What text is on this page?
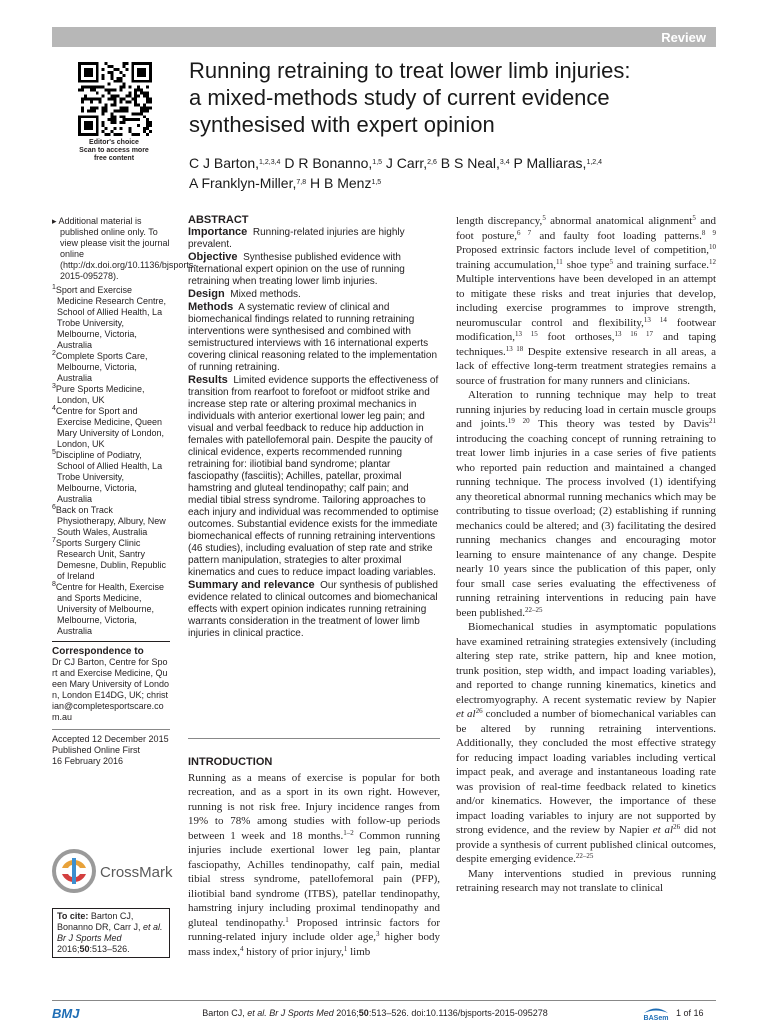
Review
Editor's choice
Scan to access more
free content
Running retraining to treat lower limb injuries:
a mixed-methods study of current evidence
synthesised with expert opinion
C J Barton,$^{1,2,3,4}$ D R Bonanno,$^{1,5}$ J Carr,$^{2,6}$ B S Neal,$^{3,4}$ P Malliaras,$^{1,2,4}$
A Franklyn-Miller,$^{7,8}$ H B Menz$^{1,5}$

▸ Additional material is published online only. To view please visit the journal online (http://dx.doi.org/10.1136/bjsports-2015-095278).

$^1$Sport and Exercise Medicine Research Centre, School of Allied Health, La Trobe University, Melbourne, Victoria, Australia

$^2$Complete Sports Care, Melbourne, Victoria, Australia

$^3$Pure Sports Medicine, London, UK

$^4$Centre for Sport and Exercise Medicine, Queen Mary University of London, London, UK

$^5$Discipline of Podiatry, School of Allied Health, La Trobe University, Melbourne, Victoria, Australia

$^6$Back on Track Physiotherapy, Albury, New South Wales, Australia

$^7$Sports Surgery Clinic Research Unit, Santry Demesne, Dublin, Republic of Ireland

$^8$Centre for Health, Exercise and Sports Medicine, University of Melbourne, Melbourne, Victoria, Australia

Correspondence to

Dr CJ Barton, Centre for Sport and Exercise Medicine, Queen Mary University of London, London E14DG, UK; christian@completesportscare.com.au

Accepted 12 December 2015

Published Online First

16 February 2016

CrossMark
To cite: Barton CJ, Bonanno DR, Carr J, et al. Br J Sports Med 2016;50:513–526.
ABSTRACT

Importance Running-related injuries are highly prevalent.

Objective Synthesise published evidence with international expert opinion on the use of running retraining when treating lower limb injuries.

Design Mixed methods.

Methods A systematic review of clinical and biomechanical findings related to running retraining interventions were synthesised and combined with semistructured interviews with 16 international experts covering clinical reasoning related to the implementation of running retraining.

Results Limited evidence supports the effectiveness of transition from rearfoot to forefoot or midfoot strike and increase step rate or altering proximal mechanics in individuals with anterior exertional lower leg pain; and visual and verbal feedback to reduce hip adduction in females with patellofemoral pain. Despite the paucity of clinical evidence, experts recommended running retraining for: iliotibial band syndrome; plantar fasciopathy (fasciitis); Achilles, patellar, proximal hamstring and gluteal tendinopathy; calf pain; and medial tibial stress syndrome. Tailoring approaches to each injury and individual was recommended to optimise outcomes. Substantial evidence exists for the immediate biomechanical effects of running retraining interventions (46 studies), including evaluation of step rate and strike pattern manipulation, strategies to alter proximal kinematics and cues to reduce impact loading variables.

Summary and relevance Our synthesis of published evidence related to clinical outcomes and biomechanical effects with expert opinion indicates running retraining warrants consideration in the treatment of lower limb injuries in clinical practice.

INTRODUCTION

Running as a means of exercise is popular for both recreation, and as a sport in its own right. However, running is not risk free. Injury incidence ranges from 19% to 78% among studies with follow-up periods between 1 week and 18 months.$^{1-2}$ Common running injuries include exertional lower leg pain, plantar fasciopathy, Achilles tendinopathy, calf pain, medial tibial stress syndrome, patellofemoral pain (PFP), iliotibial band syndrome (ITBS), patellar tendinopathy, hamstring injury including proximal tendinopathy and gluteal tendinopathy.$^1$ Proposed intrinsic factors for running-related injury include older age,$^3$ higher body mass index,$^4$ history of prior injury,$^1$ limb

length discrepancy,$^5$ abnormal anatomical alignment$^5$ and foot posture,$^{6 7}$ and faulty foot loading patterns.$^{8 9}$ Proposed extrinsic factors include level of competition,$^{10}$ training accumulation,$^{11}$ shoe type$^5$ and training surface.$^{12}$ Multiple interventions have been developed in an attempt to mitigate these risks and treat injuries that develop, including exercise programmes to improve strength, neuromuscular control and flexibility,$^{13 14}$ footwear modification,$^{13 15}$ foot orthoses,$^{13 16 17}$ and taping techniques.$^{13 18}$ Despite extensive research in all areas, a lack of effective long-term treatment strategies remains a source of frustration for many runners and clinicians.

Alteration to running technique may help to treat running injuries by reducing load in certain muscle groups and joints.$^{19 20}$ This theory was tested by Davis$^{21}$ introducing the coaching concept of running retraining to treat lower limb injuries in a case series of five patients who reported pain reduction and maintained a changed running technique. The process involved (1) identifying any theoretical abnormal running mechanics which may be contributing to tissue overload; (2) establishing if running mechanics could be altered; and (3) facilitating the desired running mechanics changes and encouraging motor learning to ensure maintenance of any change. Despite nearly 10 years since the publication of this paper, only four small case series evaluating the effectiveness of running retraining interventions in reducing pain have been published.$^{22-25}$

Biomechanical studies in asymptomatic populations have examined retraining strategies extensively (including altering step rate, strike pattern, hip and knee motion, trunk position, step width, and impact loading variables), and reported to change running kinematics, kinetics and electromyography. A recent systematic review by Napier et $al^{26}$ concluded a number of biomechanical variables can be altered by running retraining interventions. Additionally, they concluded the most effective strategy for reducing impact loading variables including vertical impact peak, and average and instantaneous loading rate was provision of real-time feedback related to kinetics and/or kinematics. However, the importance of these impact loading variables to injury are not supported by strong evidence, and the review by Napier et $al^{26}$ did not provide a synthesis of current published clinical outcomes, despite emerging evidence.$^{22-25}$

Many interventions studied in previous running retraining research may not translate to clinical

BMJ	Barton CJ, et al. Br J Sports Med 2016;50:513–526. doi:10.1136/bjsports-2015-095278
BASem
1 of 16
